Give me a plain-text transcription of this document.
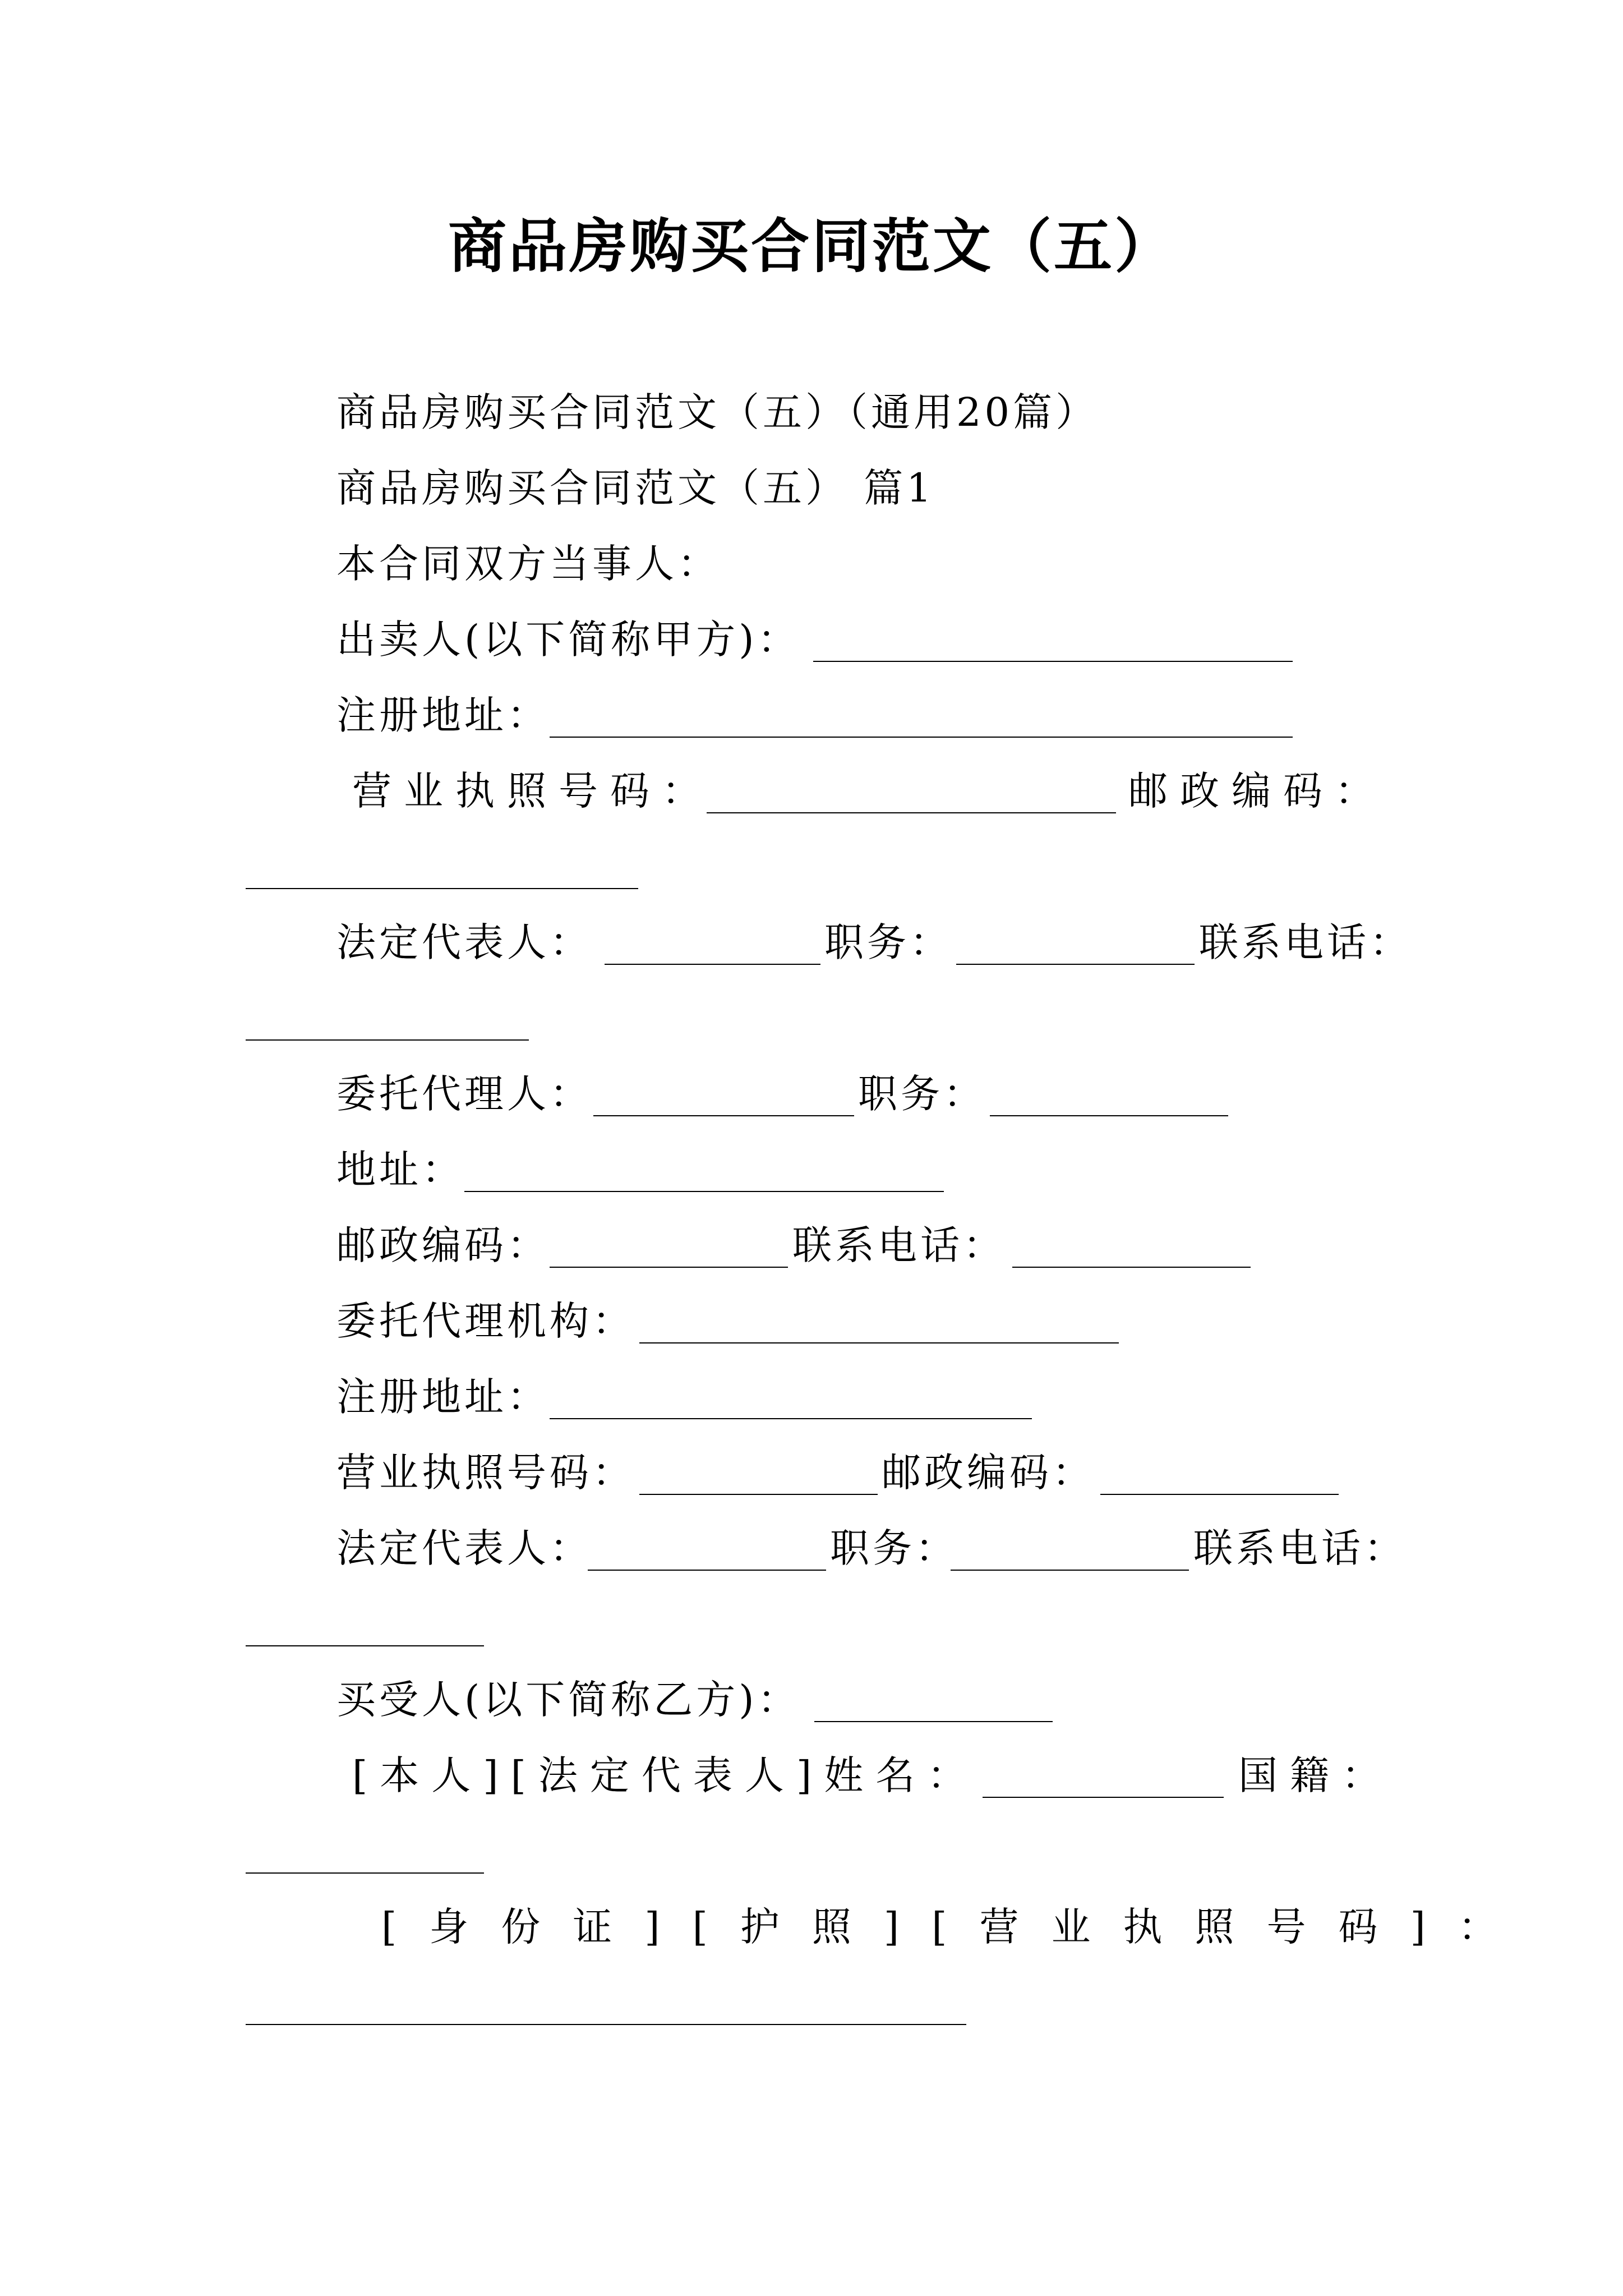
商品房购买合同范文（五）
商品房购买合同范文（五）（通用20篇）
商品房购买合同范文（五） 篇1
本合同双方当事人：
出卖人(以下简称甲方)：
注册地址：
营业执照号码：	邮政编码：
法定代表人：	职务：	联系电话：
委托代理人：	职务：
地址：
邮政编码：	联系电话：
委托代理机构：
注册地址：
营业执照号码：	邮政编码：
法定代表人：	职务：	联系电话：
买受人(以下简称乙方)：
[本人][法定代表人]姓名：	国籍：
[身份证][护照][营业执照号码]：
